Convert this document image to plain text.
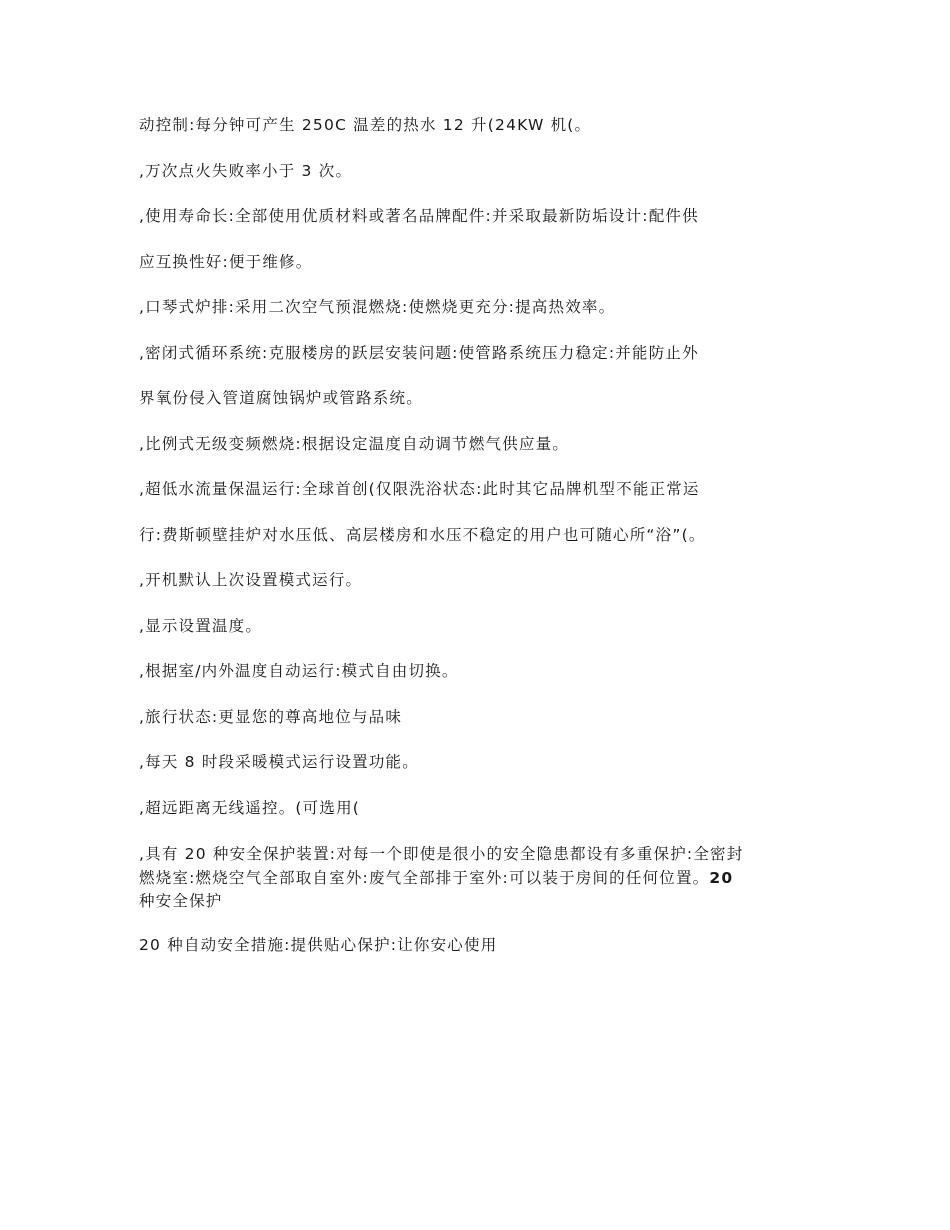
动控制:每分钟可产生 250C 温差的热水 12 升(24KW 机(。

,万次点火失败率小于 3 次。

,使用寿命长:全部使用优质材料或著名品牌配件:并采取最新防垢设计:配件供

应互换性好:便于维修。

,口琴式炉排:采用二次空气预混燃烧:使燃烧更充分:提高热效率。

,密闭式循环系统:克服楼房的跃层安装问题:使管路系统压力稳定:并能防止外

界氧份侵入管道腐蚀锅炉或管路系统。

,比例式无级变频燃烧:根据设定温度自动调节燃气供应量。

,超低水流量保温运行:全球首创(仅限洗浴状态:此时其它品牌机型不能正常运

行:费斯顿壁挂炉对水压低、高层楼房和水压不稳定的用户也可随心所“浴”(。

,开机默认上次设置模式运行。

,显示设置温度。

,根据室/内外温度自动运行:模式自由切换。

,旅行状态:更显您的尊高地位与品味

,每天 8 时段采暖模式运行设置功能。

,超远距离无线遥控。(可选用(

,具有 20 种安全保护装置:对每一个即使是很小的安全隐患都设有多重保护:全密封
燃烧室:燃烧空气全部取自室外:废气全部排于室外:可以装于房间的任何位置。20
种安全保护

20 种自动安全措施:提供贴心保护:让你安心使用
